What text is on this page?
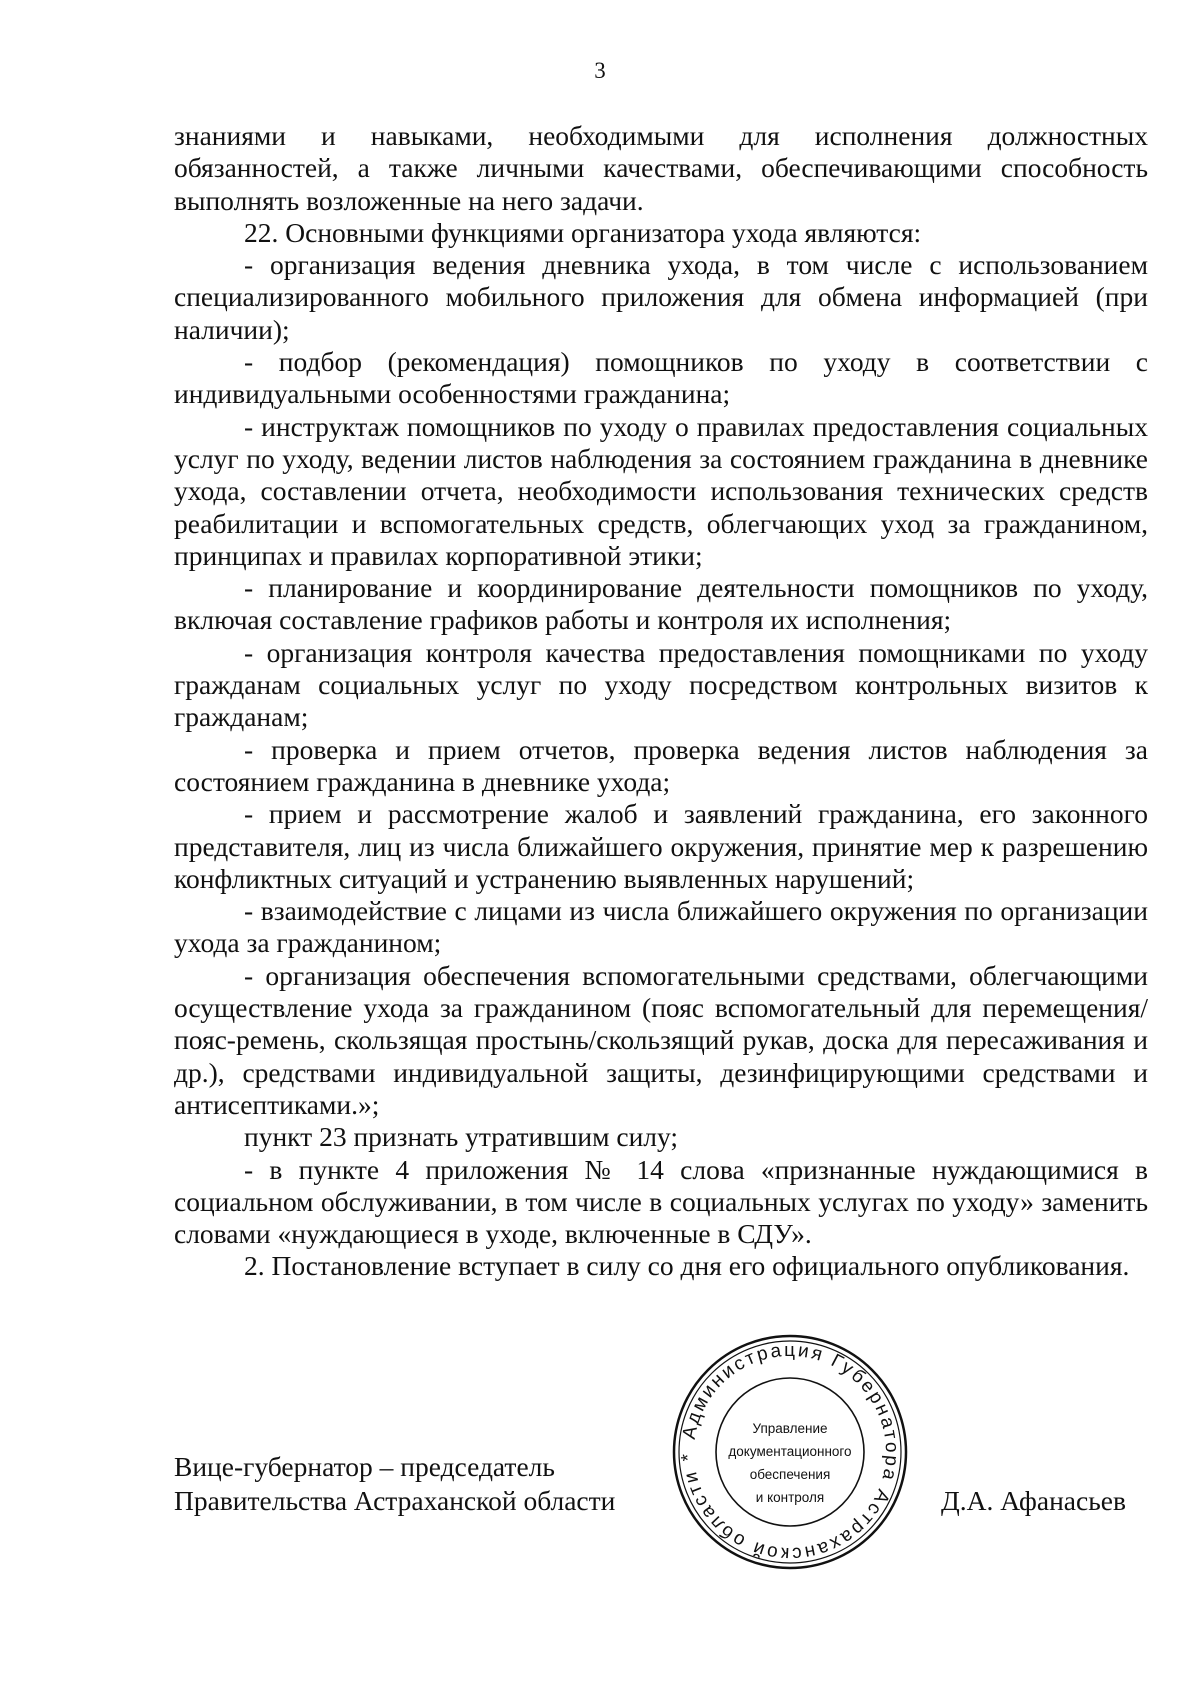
3

знаниями и навыками, необходимыми для исполнения должностных обязанностей, а также личными качествами, обеспечивающими способность выполнять возложенные на него задачи.

22. Основными функциями организатора ухода являются:

- организация ведения дневника ухода, в том числе с использованием специализированного мобильного приложения для обмена информацией (при наличии);

- подбор (рекомендация) помощников по уходу в соответствии с индивидуальными особенностями гражданина;

- инструктаж помощников по уходу о правилах предоставления социальных услуг по уходу, ведении листов наблюдения за состоянием гражданина в дневнике ухода, составлении отчета, необходимости использования технических средств реабилитации и вспомогательных средств, облегчающих уход за гражданином, принципах и правилах корпоративной этики;

- планирование и координирование деятельности помощников по уходу, включая составление графиков работы и контроля их исполнения;

- организация контроля качества предоставления помощниками по уходу гражданам социальных услуг по уходу посредством контрольных визитов к гражданам;

- проверка и прием отчетов, проверка ведения листов наблюдения за состоянием гражданина в дневнике ухода;

- прием и рассмотрение жалоб и заявлений гражданина, его законного представителя, лиц из числа ближайшего окружения, принятие мер к разрешению конфликтных ситуаций и устранению выявленных нарушений;

- взаимодействие с лицами из числа ближайшего окружения по организации ухода за гражданином;

- организация обеспечения вспомогательными средствами, облегчающими осуществление ухода за гражданином (пояс вспомогательный для перемещения/пояс-ремень, скользящая простынь/скользящий рукав, доска для пересаживания и др.), средствами индивидуальной защиты, дезинфицирующими средствами и антисептиками.»;

пункт 23 признать утратившим силу;

- в пункте 4 приложения № 14 слова «признанные нуждающимися в социальном обслуживании, в том числе в социальных услугах по уходу» заменить словами «нуждающиеся в уходе, включенные в СДУ».

2. Постановление вступает в силу со дня его официального опубликования.

Вице-губернатор – председатель
Правительства Астраханской области	Д.А. Афанасьев
Администрация Губернатора Астраханской области *
Управление
документационного
обеспечения
и контроля
